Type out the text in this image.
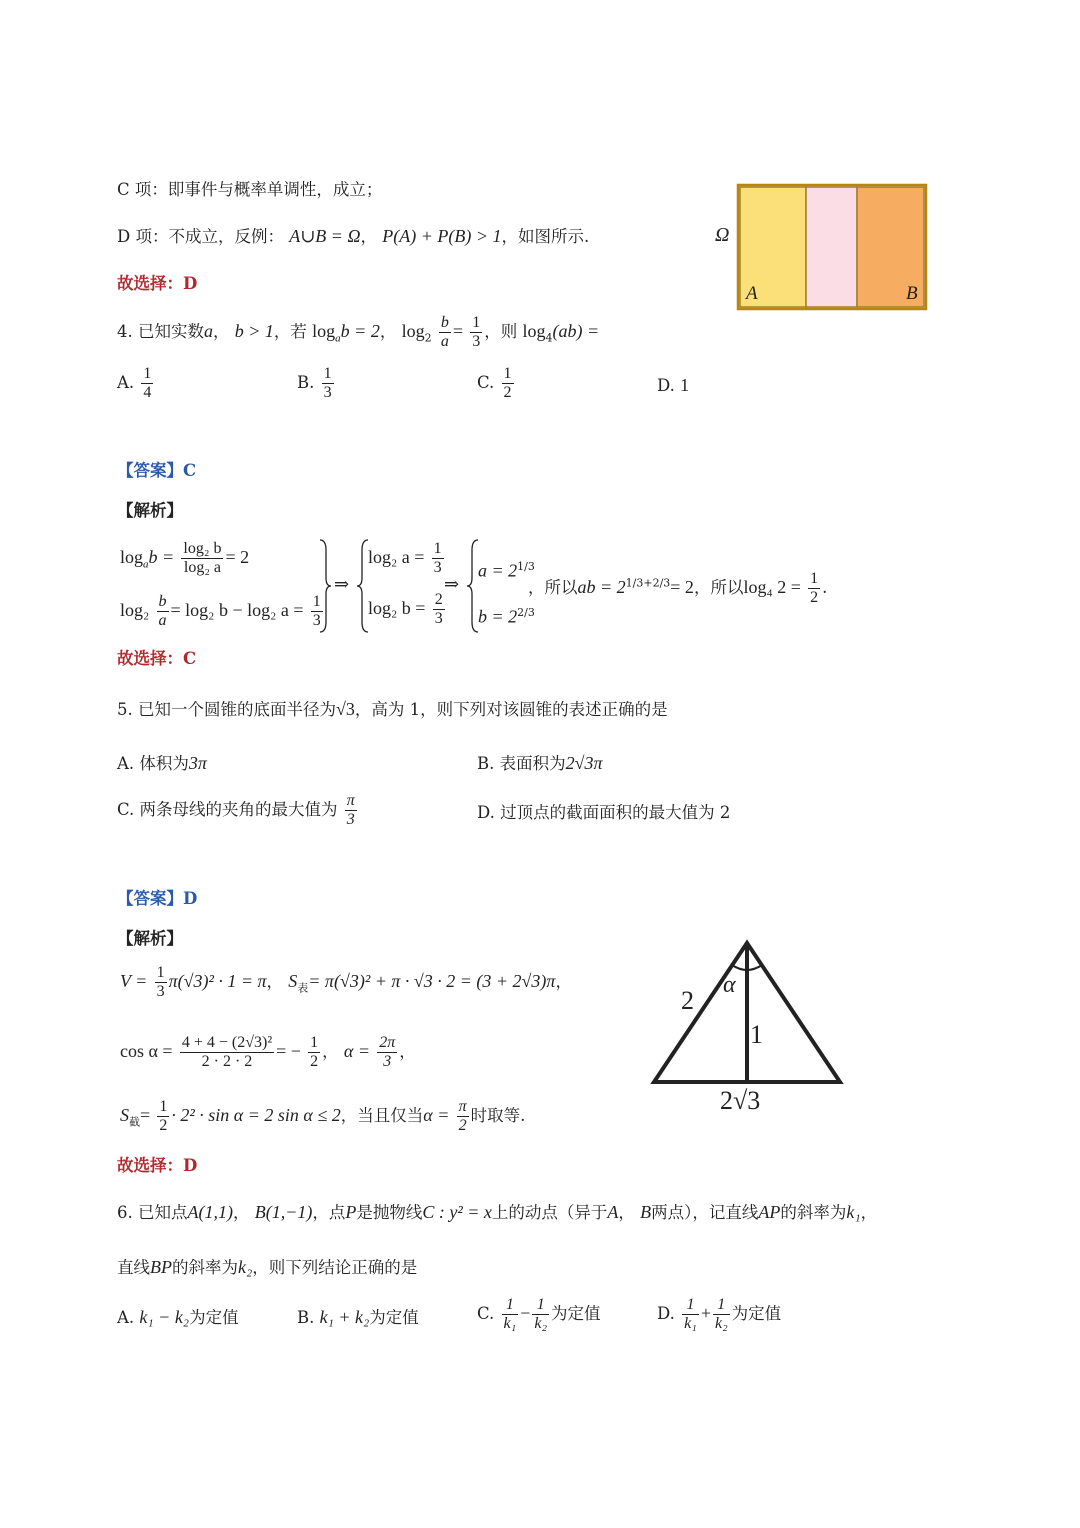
C 项：即事件与概率单调性，成立；
D 项：不成立，反例： A∪B = Ω， P(A) + P(B) > 1，如图所示.
故选择：D
Ω
A	B
4. 已知实数a， b > 1，若 $\log_ab = 2$， $\log_2 \frac{b}{a} = \frac{1}{3}$ ，则 $\log_4(ab)$ =
A. $\frac{1}{4}$	B. $\frac{1}{3}$	C. $\frac{1}{2}$	D. 1
【答案】C
【解析】
$\log_ab = \frac{\text{log₂ b}}{\text{log₂ a}} = 2$
$\log_2 \frac{b}{a} = \log_2$ b − log₂ $a = \frac{1}{3}$
⇒
log₂ $a = \frac{1}{3}$
log₂ $b = \frac{2}{3}$
⇒
$a = 2^{1/3}$
$b = 2^{2/3}$
，所以ab = $2^{1/3+2/3}= 2$，所以log₄ $2 = \frac{1}{2}$ .
故选择：C
5. 已知一个圆锥的底面半径为√3，高为 1，则下列对该圆锥的表述正确的是
A. 体积为3π	B. 表面积为2√3π
C. 两条母线的夹角的最大值为 $\frac{\pi}{3}$	D. 过顶点的截面面积的最大值为 2
【答案】D
【解析】
$V = \frac{1}{3} \pi(√3)^2 \cdot 1 = \pi$， $S_表= \pi(√3)^2 + \pi \cdot √3 \cdot 2 = (3 + 2√3)\pi$，
$\cos \alpha = \frac{\text{4 + 4 − (2√3)²}}{2 \cdot 2 \cdot 2}$ = − $\frac{1}{2}$ ， $\alpha = \frac{2\pi}{3}$ ，
$S_截= \frac{1}{2} \cdot 2^2 \cdot \sin \alpha = 2$ sin α ≤ 2，当且仅当$\alpha = \frac{\pi}{2}$ 时取等.
故选择：D
2
1
2√3
α
6. 已知点A(1,1)， B(1,−1)，点P是抛物线C : y² = x上的动点（异于A， B两点），记直线AP的斜率为k₁，
直线BP的斜率为k₂，则下列结论正确的是
A. k₁ − k₂为定值	B. k₁ + k₂为定值	C. $\frac{1}{\text{k₁}} - \frac{1}{\text{k₂}}$ 为定值	D. $\frac{1}{\text{k₁}} + \frac{1}{\text{k₂}}$ 为定值
